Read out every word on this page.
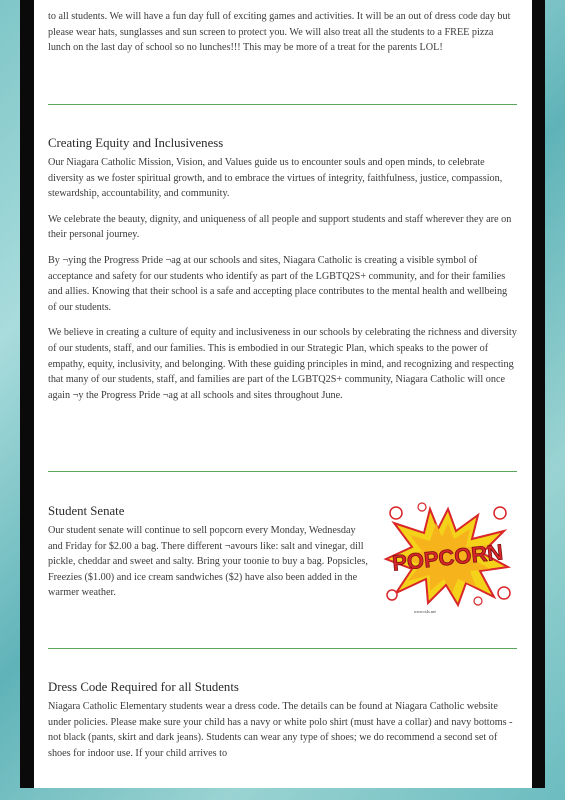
to all students. We will have a fun day full of exciting games and activities. It will be an out of dress code day but please wear hats, sunglasses and sun screen to protect you. We will also treat all the students to a FREE pizza lunch on the last day of school so no lunches!!! This may be more of a treat for the parents LOL!

Creating Equity and Inclusiveness

Our Niagara Catholic Mission, Vision, and Values guide us to encounter souls and open minds, to celebrate diversity as we foster spiritual growth, and to embrace the virtues of integrity, faithfulness, justice, compassion, stewardship, accountability, and community.

We celebrate the beauty, dignity, and uniqueness of all people and support students and staff wherever they are on their personal journey.

By ¬ying the Progress Pride ¬ag at our schools and sites, Niagara Catholic is creating a visible symbol of acceptance and safety for our students who identify as part of the LGBTQ2S+ community, and for their families and allies. Knowing that their school is a safe and accepting place contributes to the mental health and wellbeing of our students.

We believe in creating a culture of equity and inclusiveness in our schools by celebrating the richness and diversity of our students, staff, and our families. This is embodied in our Strategic Plan, which speaks to the power of empathy, equity, inclusivity, and belonging. With these guiding principles in mind, and recognizing and respecting that many of our students, staff, and families are part of the LGBTQ2S+ community, Niagara Catholic will once again ¬y the Progress Pride ¬ag at all schools and sites throughout June.

Student Senate

Our student senate will continue to sell popcorn every Monday, Wednesday and Friday for $2.00 a bag. There different ¬avours like: salt and vinegar, dill pickle, cheddar and sweet and salty. Bring your toonie to buy a bag. Popsicles, Freezies ($1.00) and ice cream sandwiches ($2) have also been added in the warmer weather.

POPCORN
www.ct4s.net
Dress Code Required for all Students

Niagara Catholic Elementary students wear a dress code. The details can be found at Niagara Catholic website under policies. Please make sure your child has a navy or white polo shirt (must have a collar) and navy bottoms - not black (pants, skirt and dark jeans). Students can wear any type of shoes; we do recommend a second set of shoes for indoor use. If your child arrives to
